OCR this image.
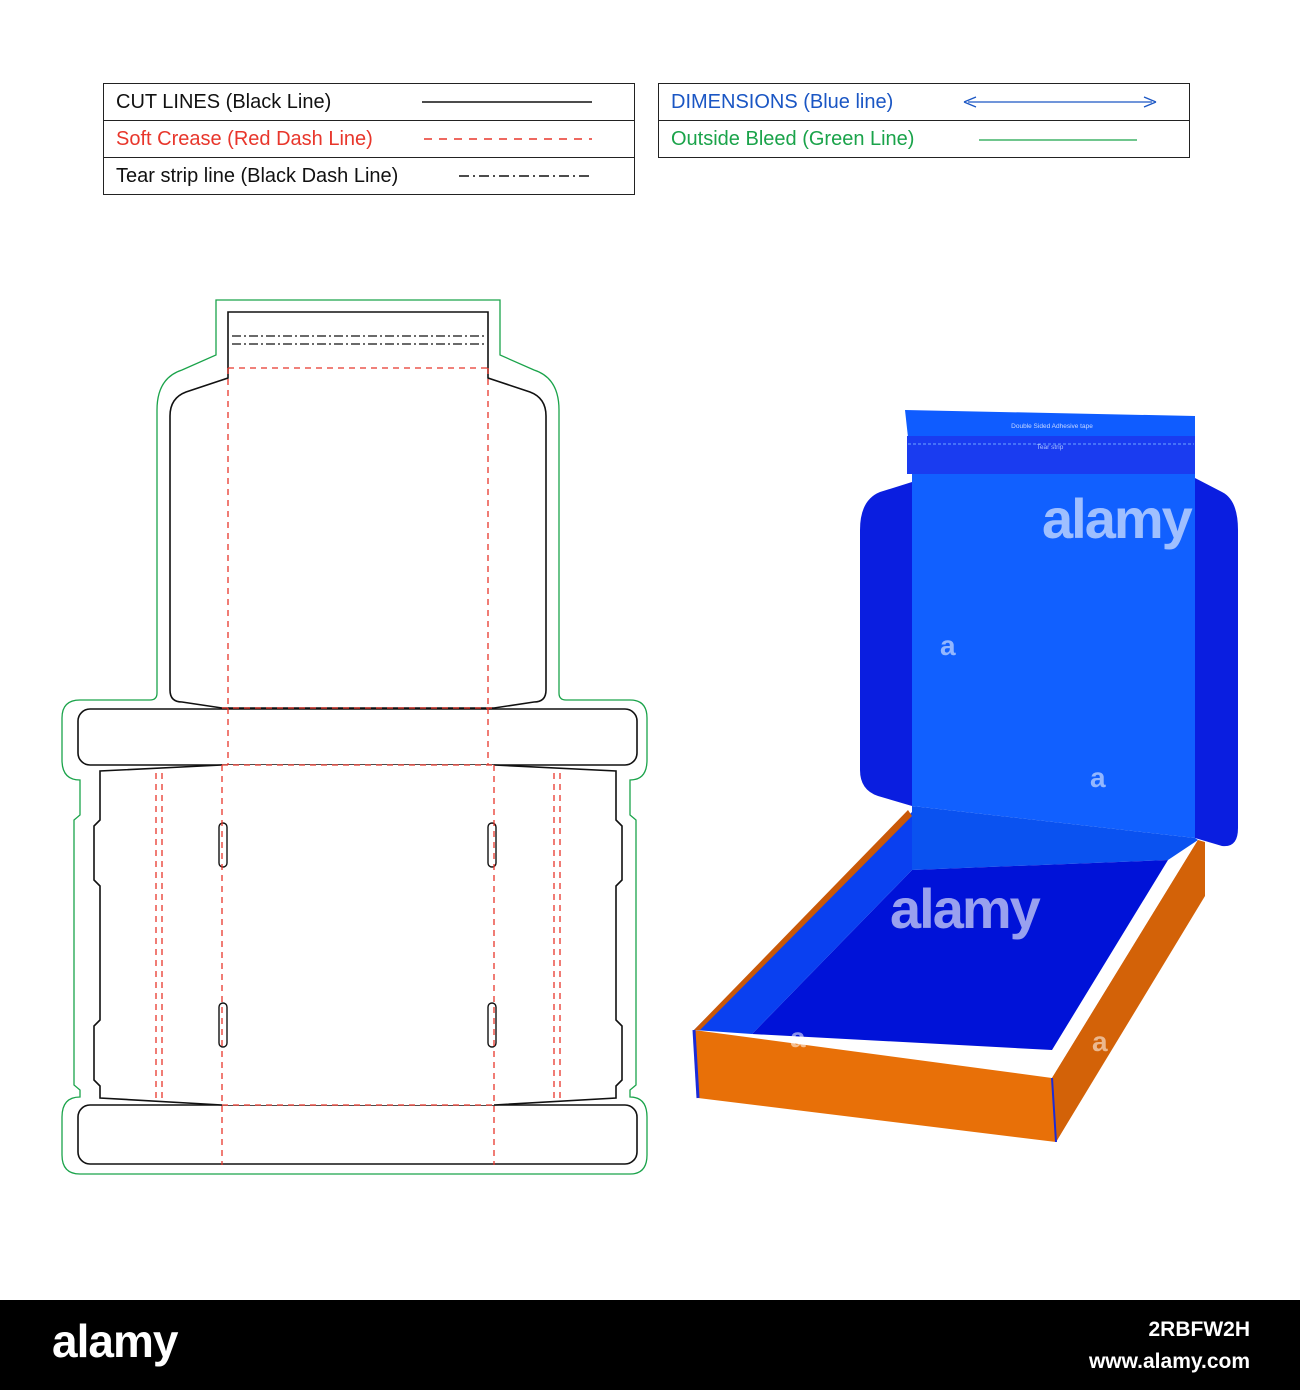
CUT LINES (Black Line)
Soft Crease (Red Dash Line)
Tear strip line (Black Dash Line)
DIMENSIONS (Blue line)
Outside Bleed (Green Line)
Double Sided Adhesive tape
Tear strip
alamy
alamy
a
a
a	a
alamy	2RBFW2H
www.alamy.com
